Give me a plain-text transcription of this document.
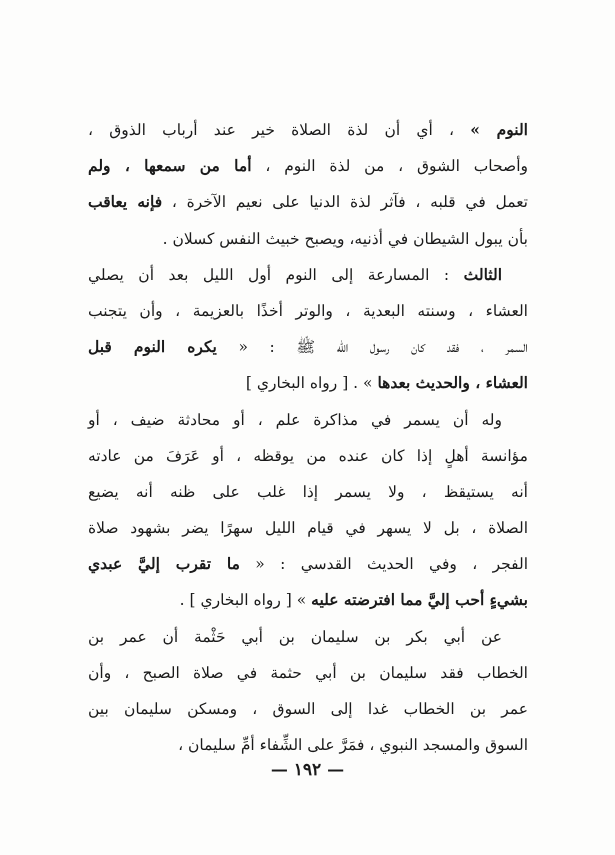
النوم » ، أي أن لذة الصلاة خير عند أرباب الذوق ،
وأصحاب الشوق ، من لذة النوم ، أما من سمعها ، ولم
تعمل في قلبه ، فآثر لذة الدنيا على نعيم الآخرة ، فإنه يعاقب
بأن يبول الشيطان في أذنيه، ويصبح خبيث النفس كسلان .
الثالث : المسارعة إلى النوم أول الليل بعد أن يصلي
العشاء ، وسنته البعدية ، والوتر أخذًا بالعزيمة ، وأن يتجنب
السمر ، فقد كان رسول الله ﷺ : « يكره النوم قبل
العشاء ، والحديث بعدها » . [ رواه البخاري ]
وله أن يسمر في مذاكرة علم ، أو محادثة ضيف ، أو
مؤانسة أهلٍ إذا كان عنده من يوقظه ، أو عَرَفَ من عادته
أنه يستيقظ ، ولا يسمر إذا غلب على ظنه أنه يضيع
الصلاة ، بل لا يسهر في قيام الليل سهرًا يضر بشهود صلاة
الفجر ، وفي الحديث القدسي : « ما تقرب إليَّ عبدي
بشيءٍ أحب إليَّ مما افترضته عليه » [ رواه البخاري ] .
عن أبي بكر بن سليمان بن أبي حَثْمة أن عمر بن
الخطاب فقد سليمان بن أبي حثمة في صلاة الصبح ، وأن
عمر بن الخطاب غدا إلى السوق ، ومسكن سليمان بين
السوق والمسجد النبوي ، فمَرَّ على الشِّفاء أمِّ سليمان ،
— ١٩٢ —
